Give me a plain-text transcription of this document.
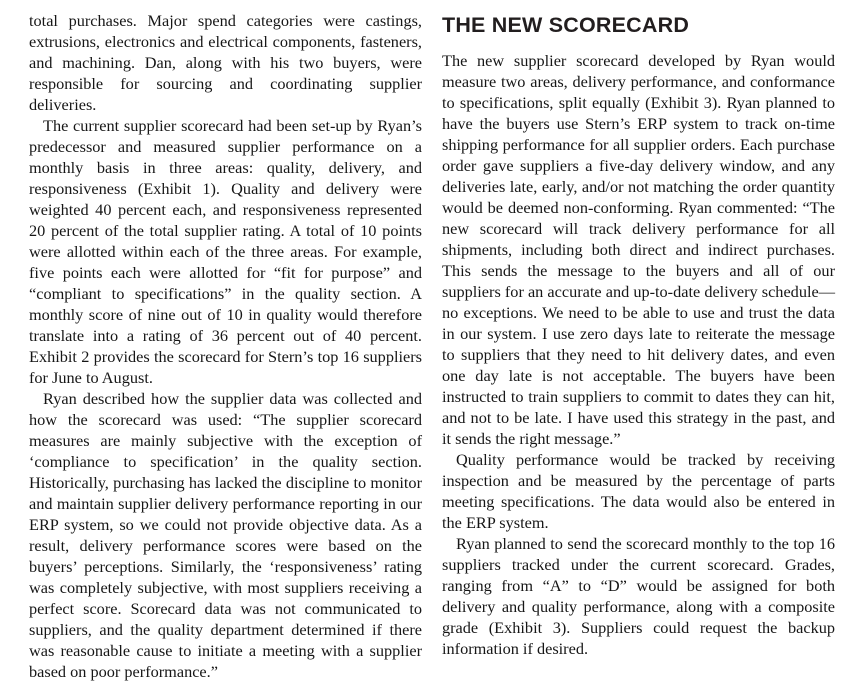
total purchases. Major spend categories were castings, extrusions, electronics and electrical components, fasteners, and machining. Dan, along with his two buyers, were responsible for sourcing and coordinating supplier deliveries.

The current supplier scorecard had been set-up by Ryan’s predecessor and measured supplier performance on a monthly basis in three areas: quality, delivery, and responsiveness (Exhibit 1). Quality and delivery were weighted 40 percent each, and responsiveness represented 20 percent of the total supplier rating. A total of 10 points were allotted within each of the three areas. For example, five points each were allotted for “fit for purpose” and “compliant to specifications” in the quality section. A monthly score of nine out of 10 in quality would therefore translate into a rating of 36 percent out of 40 percent. Exhibit 2 provides the scorecard for Stern’s top 16 suppliers for June to August.

Ryan described how the supplier data was collected and how the scorecard was used: “The supplier scorecard measures are mainly subjective with the exception of ‘compliance to specification’ in the quality section. Historically, purchasing has lacked the discipline to monitor and maintain supplier delivery performance reporting in our ERP system, so we could not provide objective data. As a result, delivery performance scores were based on the buyers’ perceptions. Similarly, the ‘responsiveness’ rating was completely subjective, with most suppliers receiving a perfect score. Scorecard data was not communicated to suppliers, and the quality department determined if there was reasonable cause to initiate a meeting with a supplier based on poor performance.”

THE NEW SCORECARD

The new supplier scorecard developed by Ryan would measure two areas, delivery performance, and conformance to specifications, split equally (Exhibit 3). Ryan planned to have the buyers use Stern’s ERP system to track on-time shipping performance for all supplier orders. Each purchase order gave suppliers a five-day delivery window, and any deliveries late, early, and/or not matching the order quantity would be deemed non-conforming. Ryan commented: “The new scorecard will track delivery performance for all shipments, including both direct and indirect purchases. This sends the message to the buyers and all of our suppliers for an accurate and up-to-date delivery schedule—no exceptions. We need to be able to use and trust the data in our system. I use zero days late to reiterate the message to suppliers that they need to hit delivery dates, and even one day late is not acceptable. The buyers have been instructed to train suppliers to commit to dates they can hit, and not to be late. I have used this strategy in the past, and it sends the right message.”

Quality performance would be tracked by receiving inspection and be measured by the percentage of parts meeting specifications. The data would also be entered in the ERP system.

Ryan planned to send the scorecard monthly to the top 16 suppliers tracked under the current scorecard. Grades, ranging from “A” to “D” would be assigned for both delivery and quality performance, along with a composite grade (Exhibit 3). Suppliers could request the backup information if desired.
